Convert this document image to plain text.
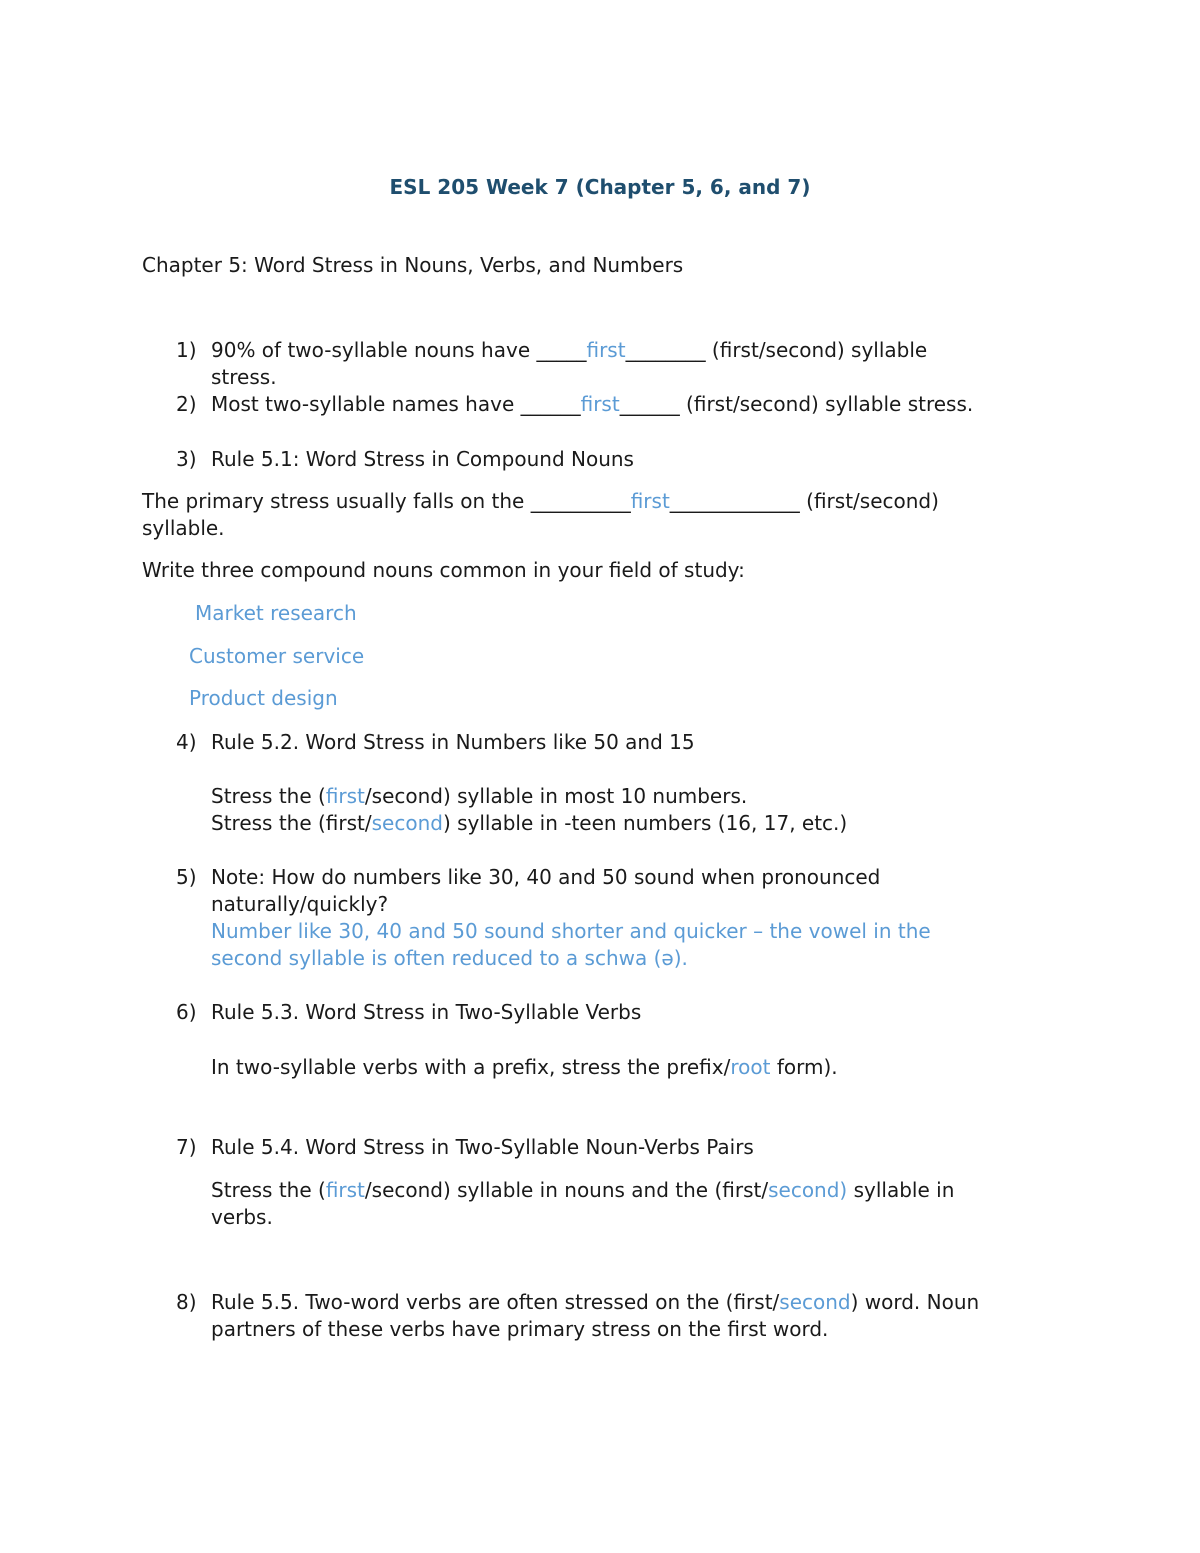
ESL 205 Week 7 (Chapter 5, 6, and 7)
Chapter 5: Word Stress in Nouns, Verbs, and Numbers
1) 90% of two-syllable nouns have _____first________ (first/second) syllable
stress.
2) Most two-syllable names have ______first______ (first/second) syllable stress.
3) Rule 5.1: Word Stress in Compound Nouns
The primary stress usually falls on the __________first_____________ (first/second)
syllable.
Write three compound nouns common in your field of study:
Market research
Customer service
Product design
4) Rule 5.2. Word Stress in Numbers like 50 and 15
Stress the (first/second) syllable in most 10 numbers.
Stress the (first/second) syllable in -teen numbers (16, 17, etc.)
5) Note: How do numbers like 30, 40 and 50 sound when pronounced
naturally/quickly?
Number like 30, 40 and 50 sound shorter and quicker – the vowel in the
second syllable is often reduced to a schwa (ə).
6) Rule 5.3. Word Stress in Two-Syllable Verbs
In two-syllable verbs with a prefix, stress the prefix/root form).
7) Rule 5.4. Word Stress in Two-Syllable Noun-Verbs Pairs
Stress the (first/second) syllable in nouns and the (first/second) syllable in
verbs.
8) Rule 5.5. Two-word verbs are often stressed on the (first/second) word. Noun
partners of these verbs have primary stress on the first word.
